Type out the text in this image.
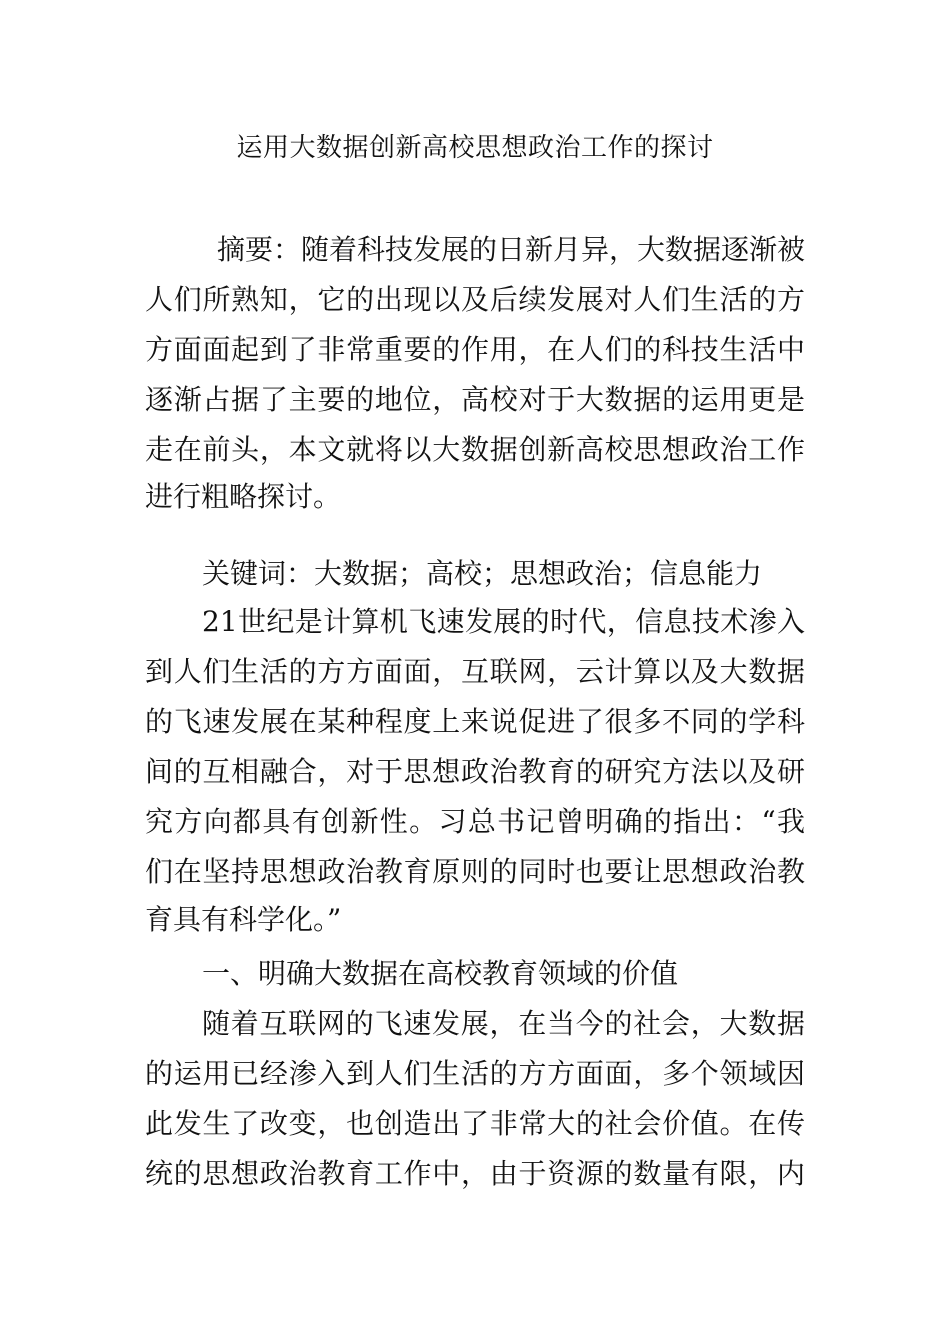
运用大数据创新高校思想政治工作的探讨

摘要：随着科技发展的日新月异，大数据逐渐被

人们所熟知，它的出现以及后续发展对人们生活的方

方面面起到了非常重要的作用，在人们的科技生活中

逐渐占据了主要的地位，高校对于大数据的运用更是

走在前头，本文就将以大数据创新高校思想政治工作

进行粗略探讨。

关键词：大数据；高校；思想政治；信息能力

21世纪是计算机飞速发展的时代，信息技术渗入

到人们生活的方方面面，互联网，云计算以及大数据

的飞速发展在某种程度上来说促进了很多不同的学科

间的互相融合，对于思想政治教育的研究方法以及研

究方向都具有创新性。习总书记曾明确的指出：“我

们在坚持思想政治教育原则的同时也要让思想政治教

育具有科学化。”

一、明确大数据在高校教育领域的价值

随着互联网的飞速发展，在当今的社会，大数据

的运用已经渗入到人们生活的方方面面，多个领域因

此发生了改变，也创造出了非常大的社会价值。在传

统的思想政治教育工作中，由于资源的数量有限，内
